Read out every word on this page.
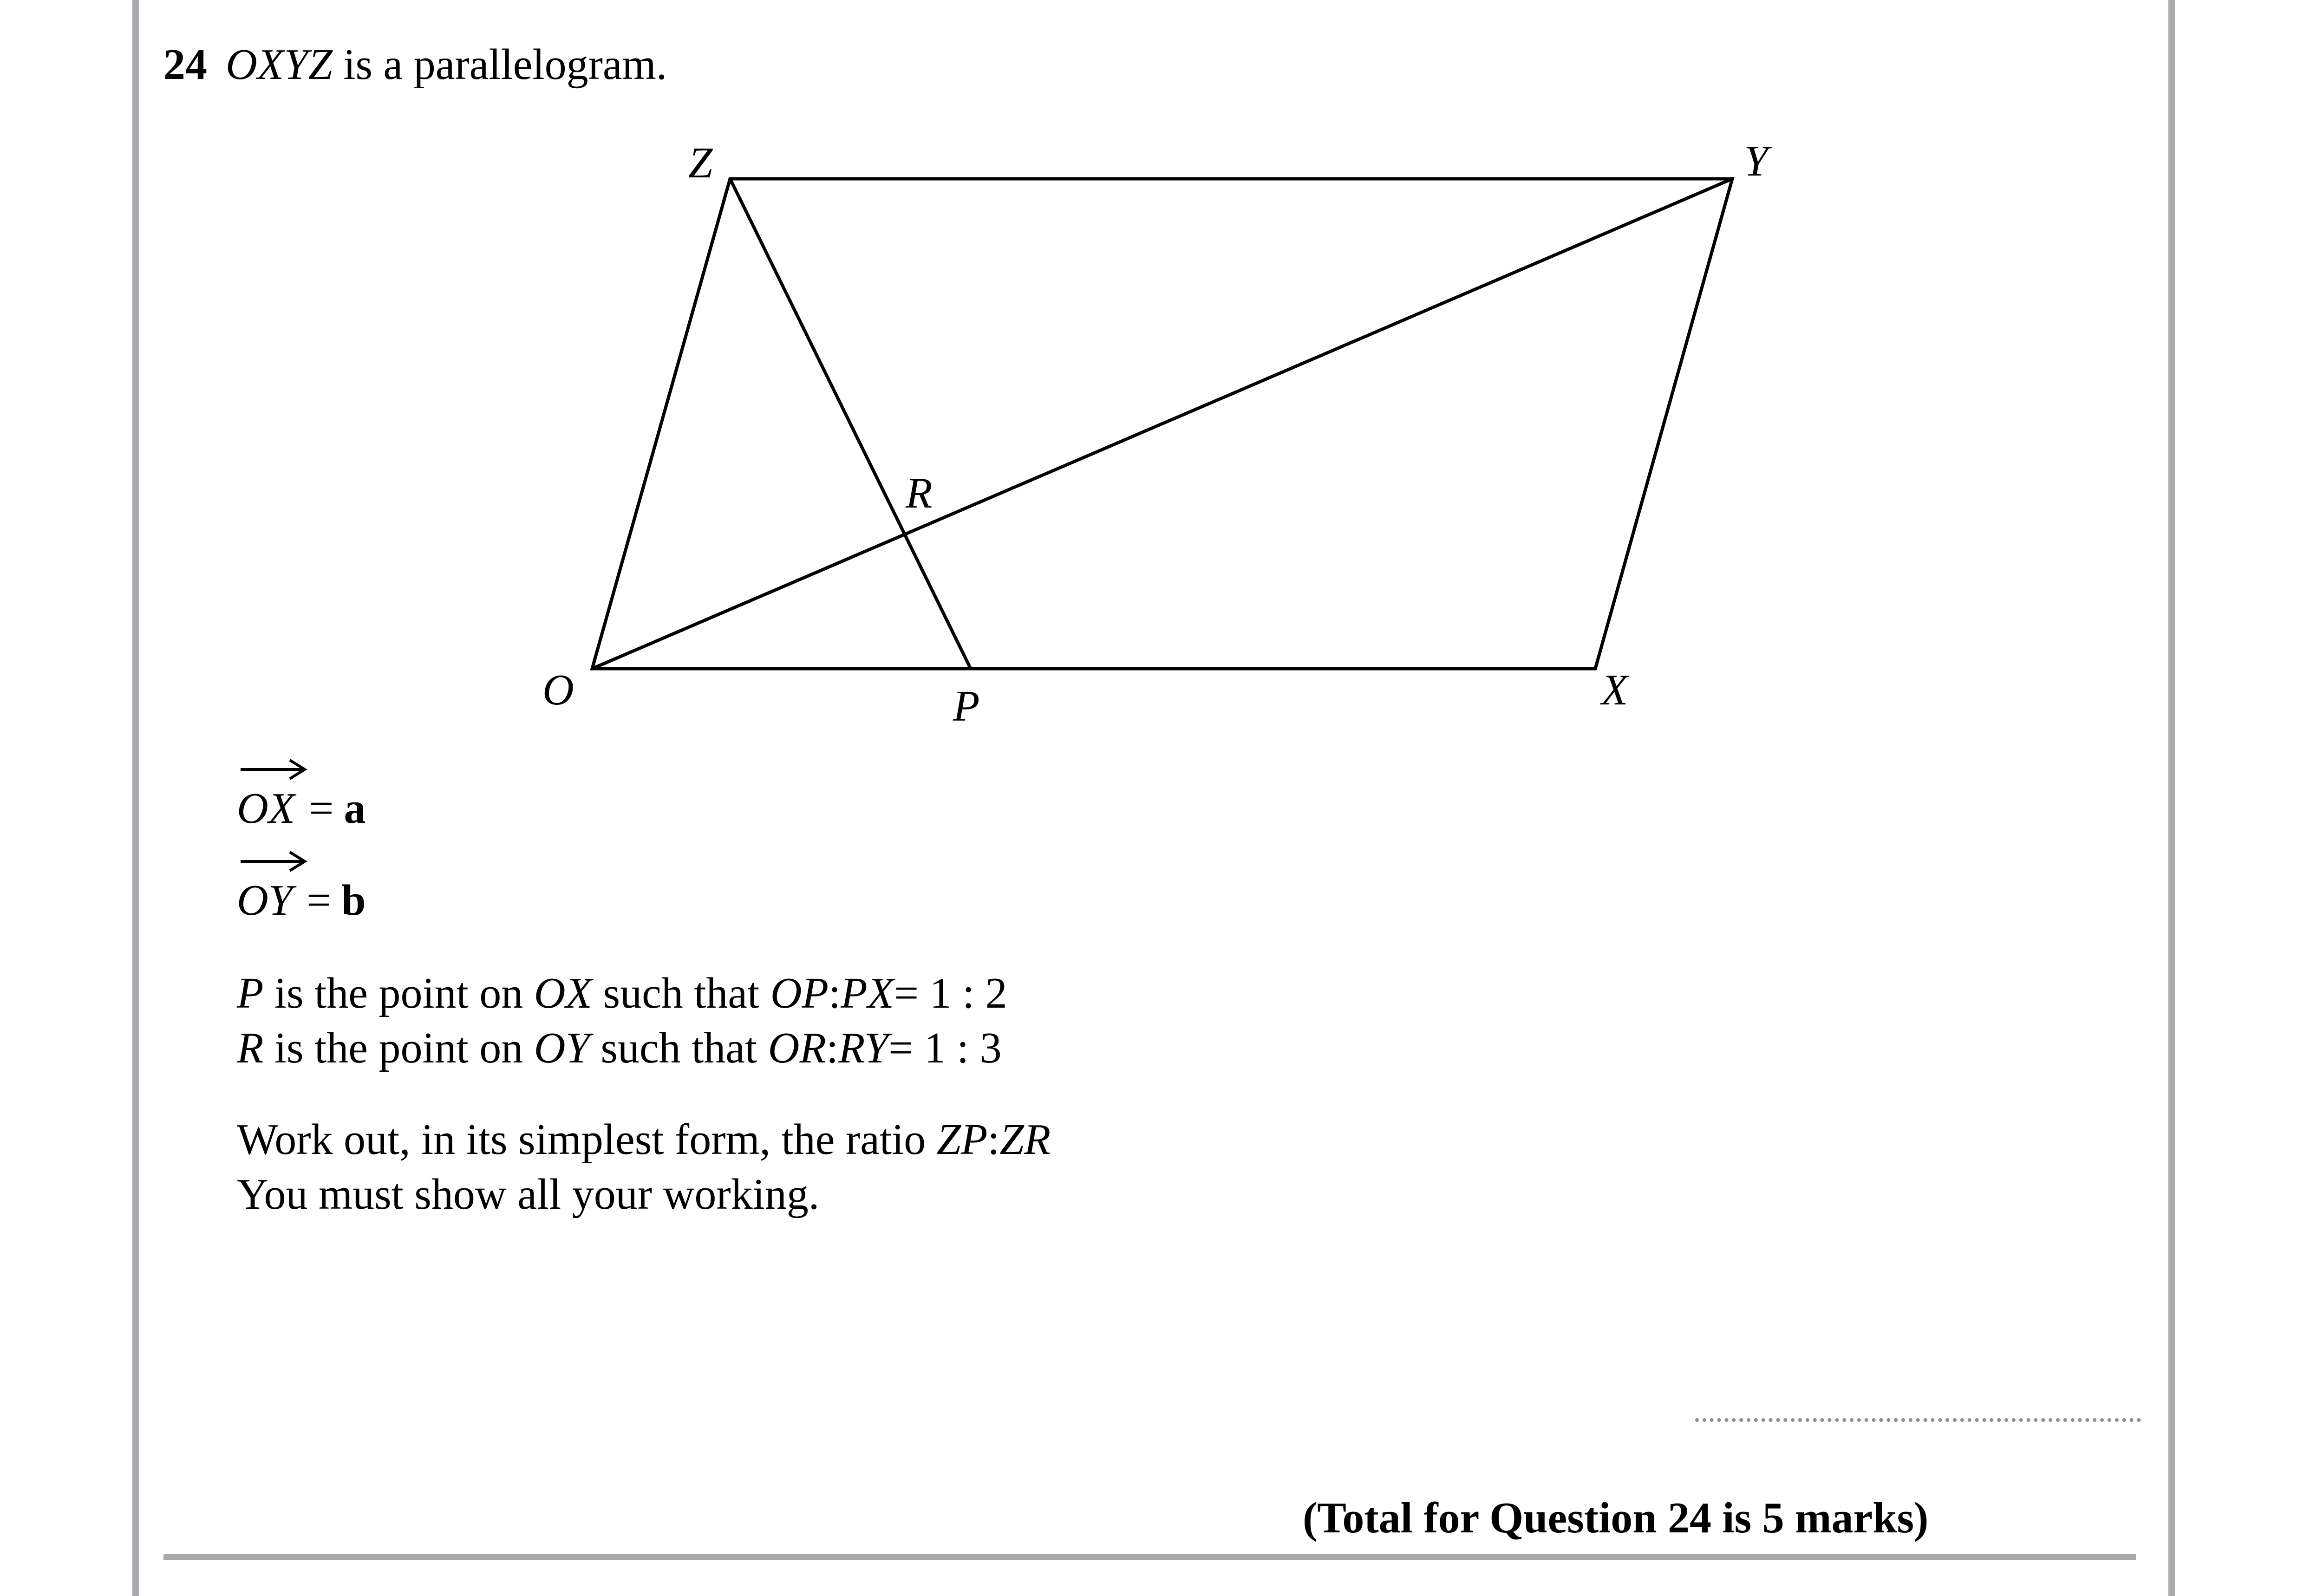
24 OXYZ is a parallelogram.
Z	Y
R
O	P	X
OX = a
OY = b
P is the point on OX such that OP:PX= 1 : 2
R is the point on OY such that OR:RY= 1 : 3
Work out, in its simplest form, the ratio ZP:ZR
You must show all your working.
(Total for Question 24 is 5 marks)
